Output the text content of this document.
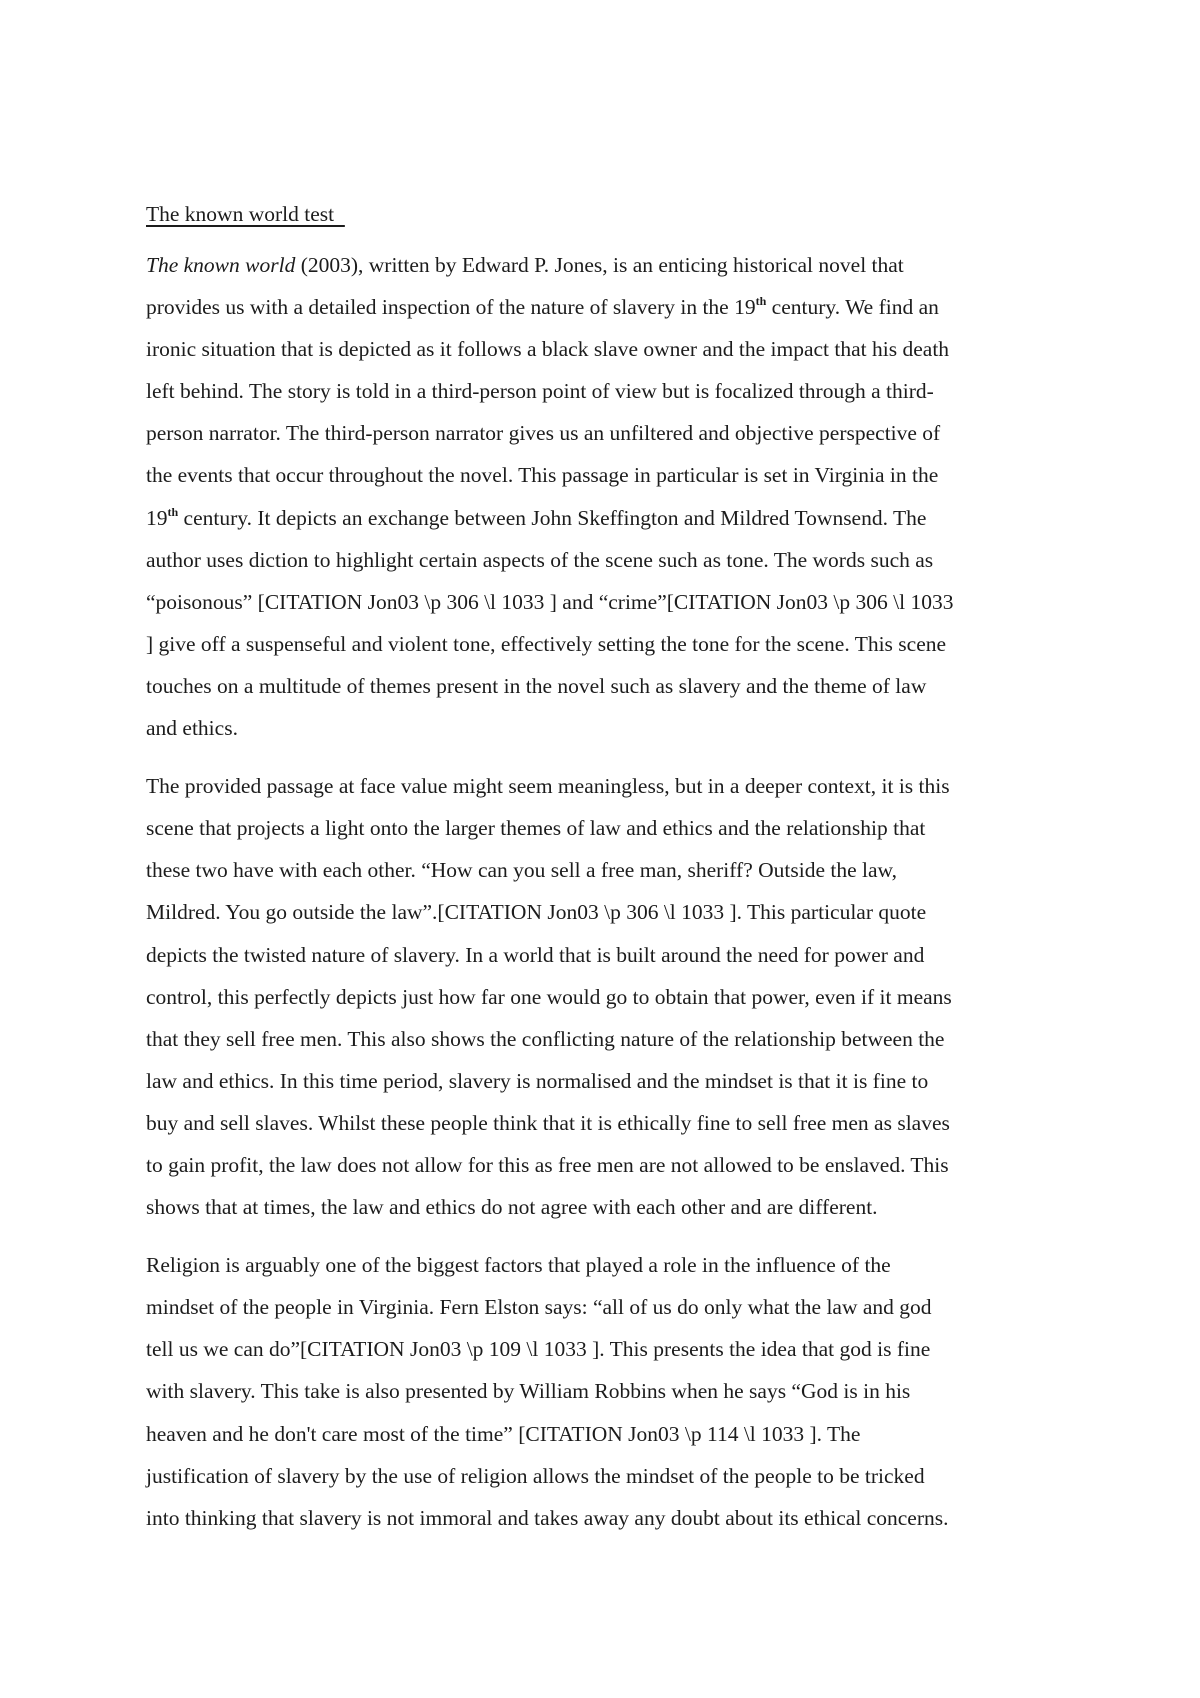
The known world test
The known world (2003), written by Edward P. Jones, is an enticing historical novel that
provides us with a detailed inspection of the nature of slavery in the 19th century. We find an
ironic situation that is depicted as it follows a black slave owner and the impact that his death
left behind. The story is told in a third-person point of view but is focalized through a third-
person narrator. The third-person narrator gives us an unfiltered and objective perspective of
the events that occur throughout the novel. This passage in particular is set in Virginia in the
19th century. It depicts an exchange between John Skeffington and Mildred Townsend. The
author uses diction to highlight certain aspects of the scene such as tone. The words such as
“poisonous” [CITATION Jon03 \p 306 \l 1033 ] and “crime”[CITATION Jon03 \p 306 \l 1033
] give off a suspenseful and violent tone, effectively setting the tone for the scene. This scene
touches on a multitude of themes present in the novel such as slavery and the theme of law
and ethics.
The provided passage at face value might seem meaningless, but in a deeper context, it is this
scene that projects a light onto the larger themes of law and ethics and the relationship that
these two have with each other. “How can you sell a free man, sheriff? Outside the law,
Mildred. You go outside the law”.[CITATION Jon03 \p 306 \l 1033 ]. This particular quote
depicts the twisted nature of slavery. In a world that is built around the need for power and
control, this perfectly depicts just how far one would go to obtain that power, even if it means
that they sell free men. This also shows the conflicting nature of the relationship between the
law and ethics. In this time period, slavery is normalised and the mindset is that it is fine to
buy and sell slaves. Whilst these people think that it is ethically fine to sell free men as slaves
to gain profit, the law does not allow for this as free men are not allowed to be enslaved. This
shows that at times, the law and ethics do not agree with each other and are different.
Religion is arguably one of the biggest factors that played a role in the influence of the
mindset of the people in Virginia. Fern Elston says: “all of us do only what the law and god
tell us we can do”[CITATION Jon03 \p 109 \l 1033 ]. This presents the idea that god is fine
with slavery. This take is also presented by William Robbins when he says “God is in his
heaven and he don't care most of the time” [CITATION Jon03 \p 114 \l 1033 ]. The
justification of slavery by the use of religion allows the mindset of the people to be tricked
into thinking that slavery is not immoral and takes away any doubt about its ethical concerns.
